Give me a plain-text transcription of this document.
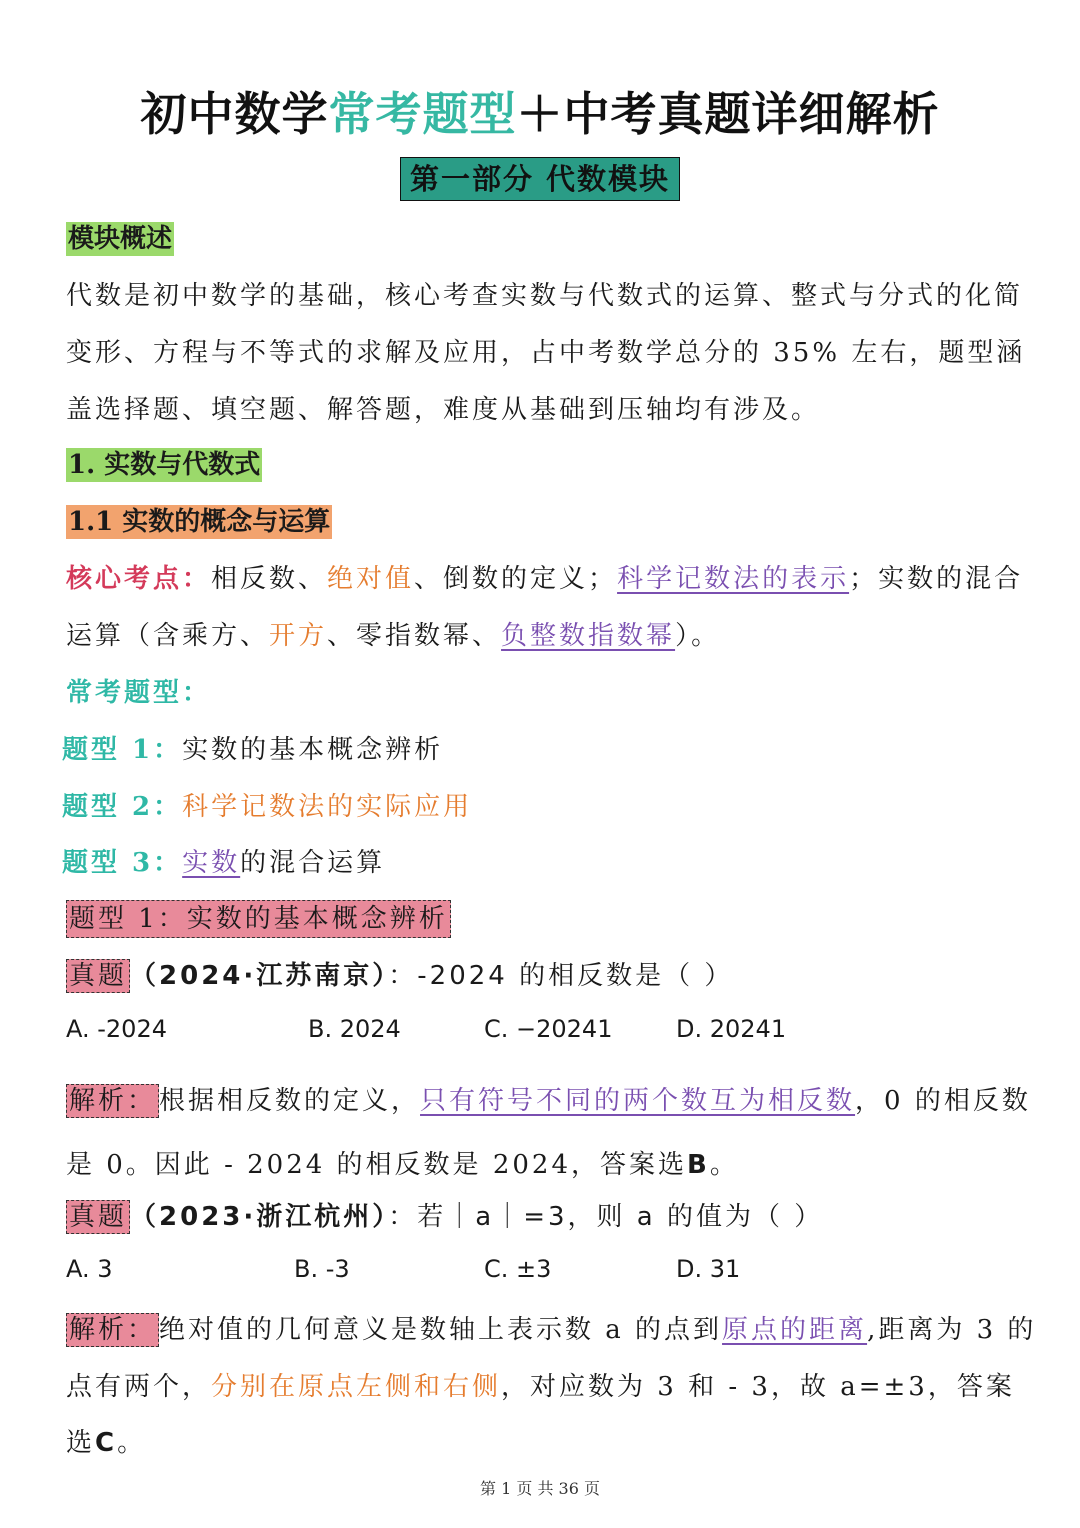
初中数学常考题型＋中考真题详细解析
第一部分 代数模块
模块概述
代数是初中数学的基础，核心考查实数与代数式的运算、整式与分式的化简
变形、方程与不等式的求解及应用，占中考数学总分的 35% 左右，题型涵
盖选择题、填空题、解答题，难度从基础到压轴均有涉及。
1. 实数与代数式
1.1 实数的概念与运算
核心考点：相反数、绝对值、倒数的定义；科学记数法的表示；实数的混合
运算（含乘方、开方、零指数幂、负整数指数幂）。
常考题型：
题型 1：实数的基本概念辨析
题型 2：科学记数法的实际应用
题型 3：实数的混合运算
题型 1：实数的基本概念辨析
真题 （2024·江苏南京）：-2024 的相反数是（ ）
A. -2024	B. 2024	C. −20241	D. 20241
解析： 根据相反数的定义，只有符号不同的两个数互为相反数，0 的相反数
是 0。因此 - 2024 的相反数是 2024，答案选B。
真题 （2023·浙江杭州）：若｜a｜=3，则 a 的值为（ ）
A. 3	B. -3	C. ±3	D. 31
解析： 绝对值的几何意义是数轴上表示数 a 的点到原点的距离,距离为 3 的
点有两个，分别在原点左侧和右侧，对应数为 3 和 - 3，故 a=±3，答案
选C。
第 1 页 共 36 页
